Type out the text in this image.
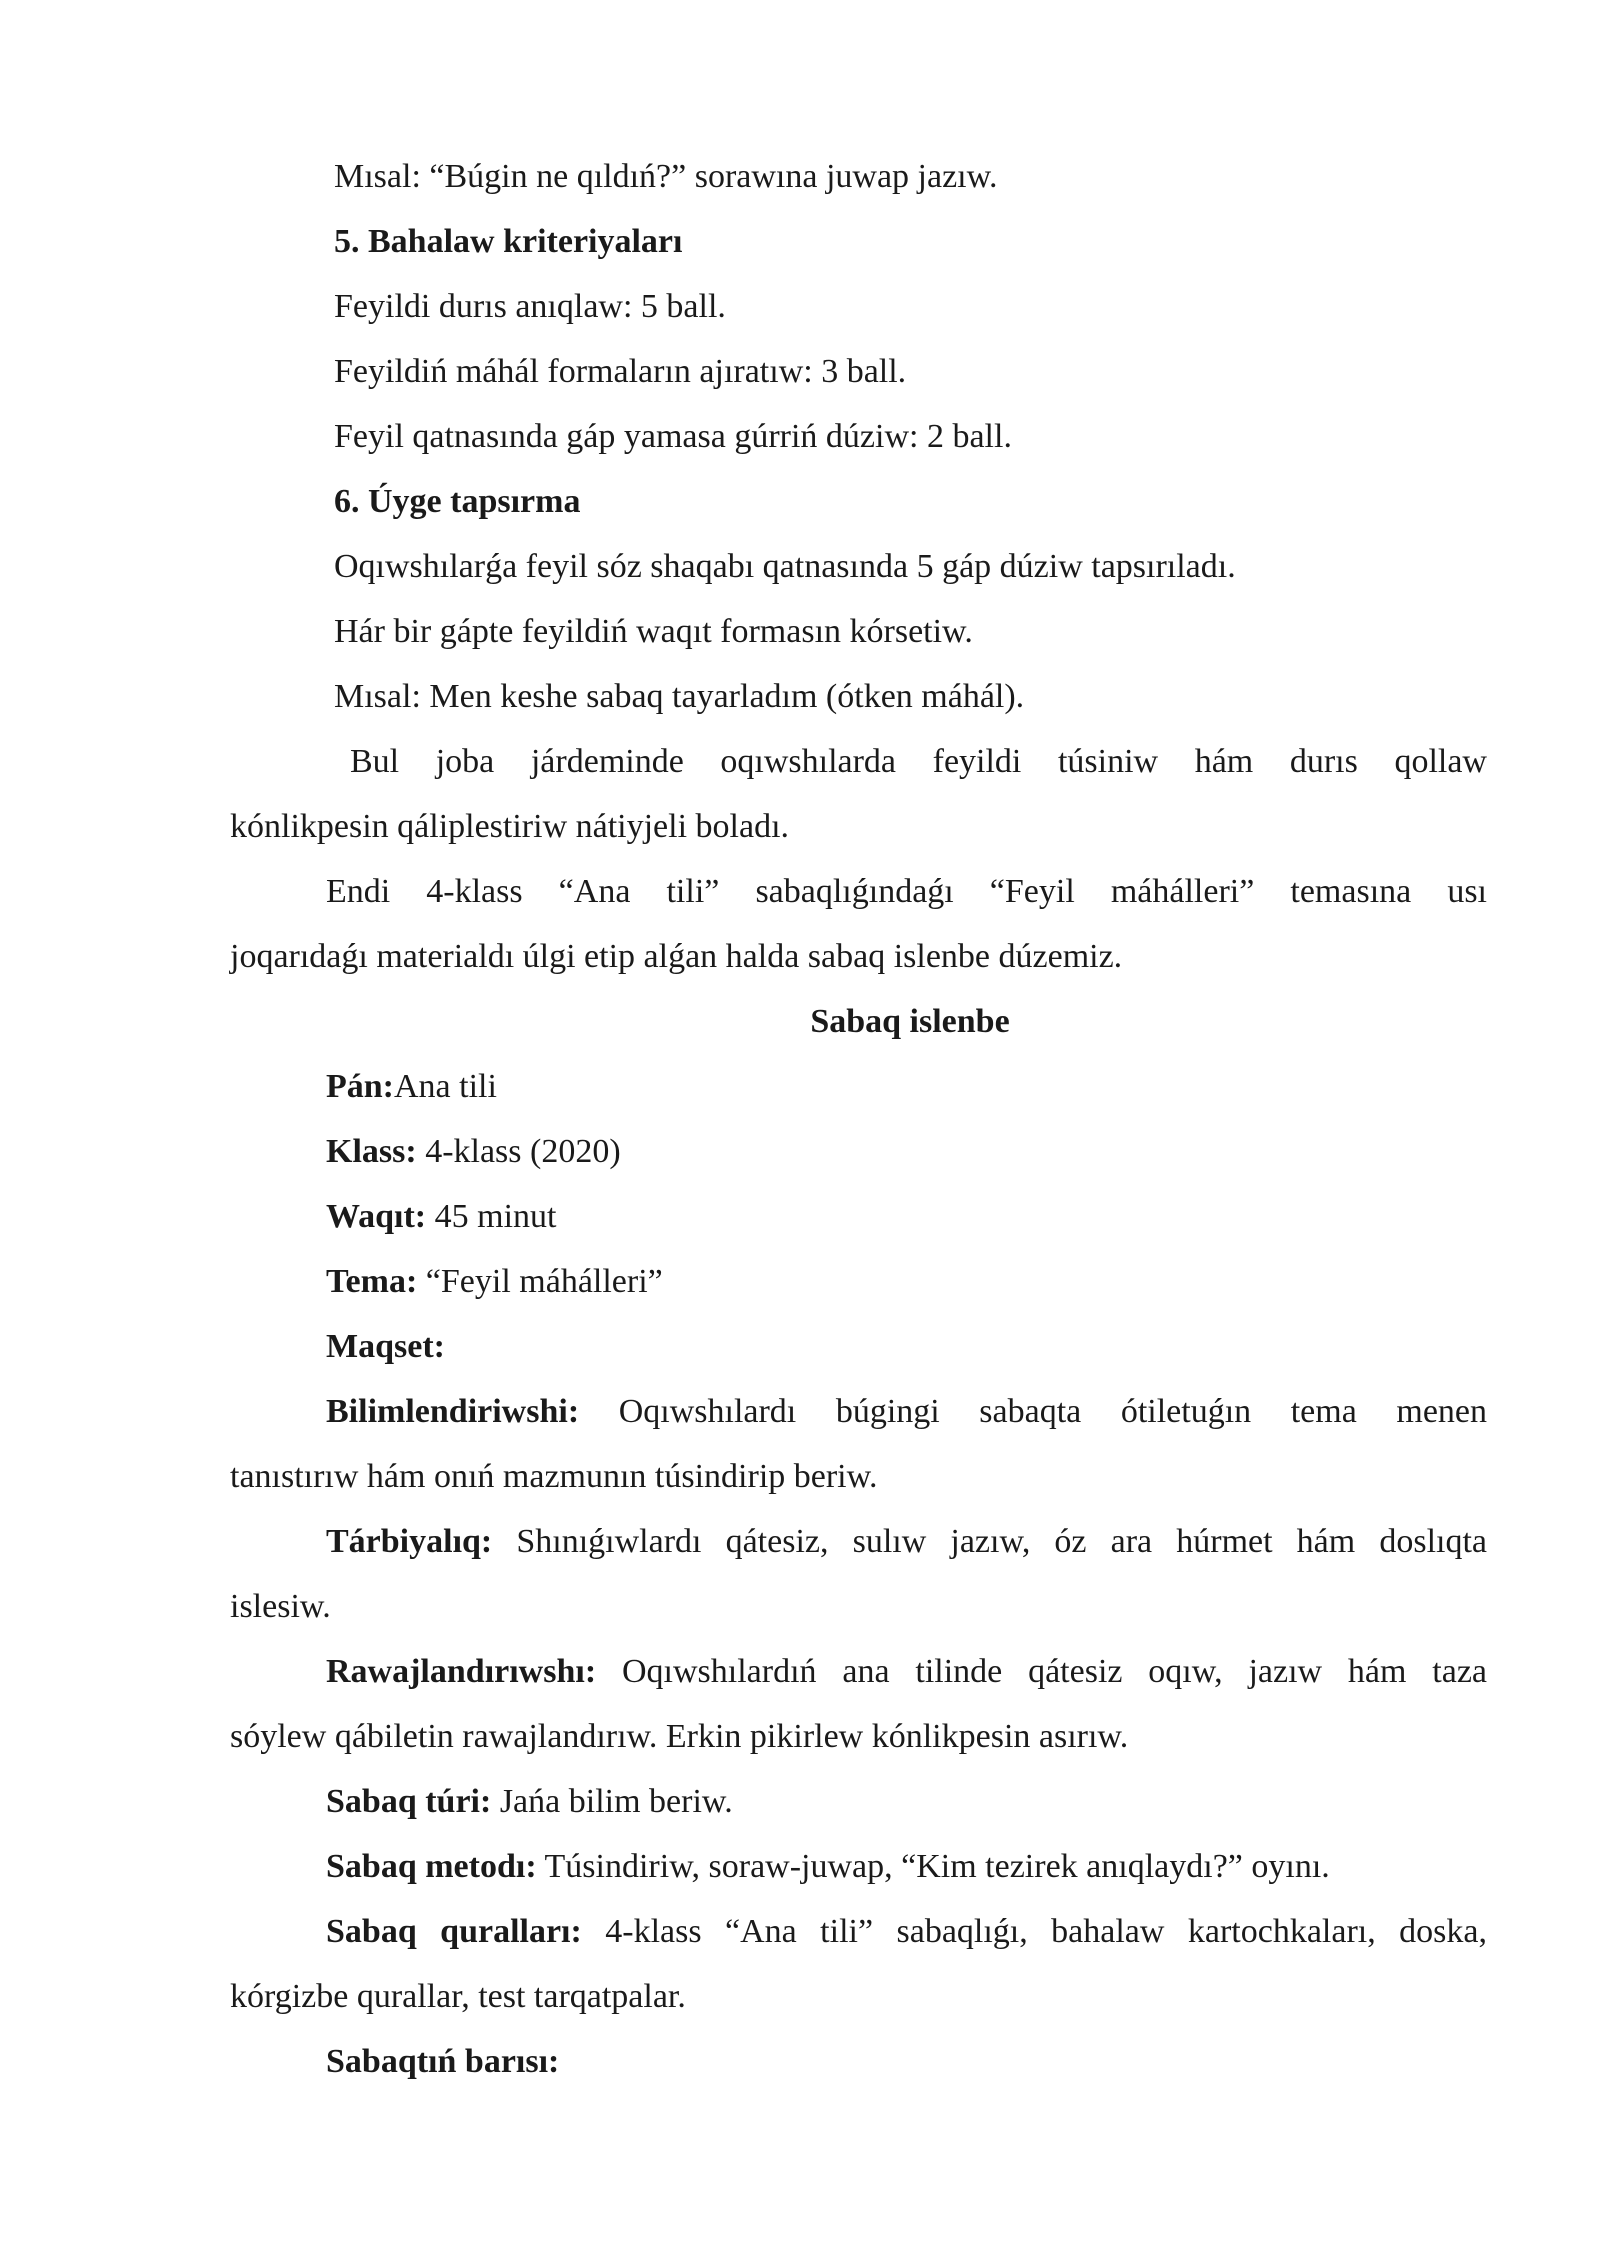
Mısal: “Búgin ne qıldıń?” sorawına juwap jazıw.
5. Bahalaw kriteriyaları
Feyildi durıs anıqlaw: 5 ball.
Feyildiń máhál formaların ajıratıw: 3 ball.
Feyil qatnasında gáp yamasa gúrriń dúziw: 2 ball.
6. Úyge tapsırma
Oqıwshılarǵa feyil sóz shaqabı qatnasında 5 gáp dúziw tapsırıladı.
Hár bir gápte feyildiń waqıt formasın kórsetiw.
Mısal: Men keshe sabaq tayarladım (ótken máhál).
Bul joba járdeminde oqıwshılarda feyildi túsiniw hám durıs qollaw
kónlikpesin qáliplestiriw nátiyjeli boladı.
Endi 4-klass “Ana tili” sabaqlıǵındaǵı “Feyil máhálleri” temasına usı
joqarıdaǵı materialdı úlgi etip alǵan halda sabaq islenbe dúzemiz.
Sabaq islenbe
Pán:Ana tili
Klass: 4-klass (2020)
Waqıt: 45 minut
Tema: “Feyil máhálleri”
Maqset:
Bilimlendiriwshi: Oqıwshılardı búgingi sabaqta ótiletuǵın tema menen
tanıstırıw hám onıń mazmunın túsindirip beriw.
Tárbiyalıq: Shınıǵıwlardı qátesiz, sulıw jazıw, óz ara húrmet hám doslıqta
islesiw.
Rawajlandırıwshı: Oqıwshılardıń ana tilinde qátesiz oqıw, jazıw hám taza
sóylew qábiletin rawajlandırıw. Erkin pikirlew kónlikpesin asırıw.
Sabaq túri: Jańa bilim beriw.
Sabaq metodı: Túsindiriw, soraw-juwap, “Kim tezirek anıqlaydı?” oyını.
Sabaq quralları: 4-klass “Ana tili” sabaqlıǵı, bahalaw kartochkaları, doska,
kórgizbe qurallar, test tarqatpalar.
Sabaqtıń barısı:
